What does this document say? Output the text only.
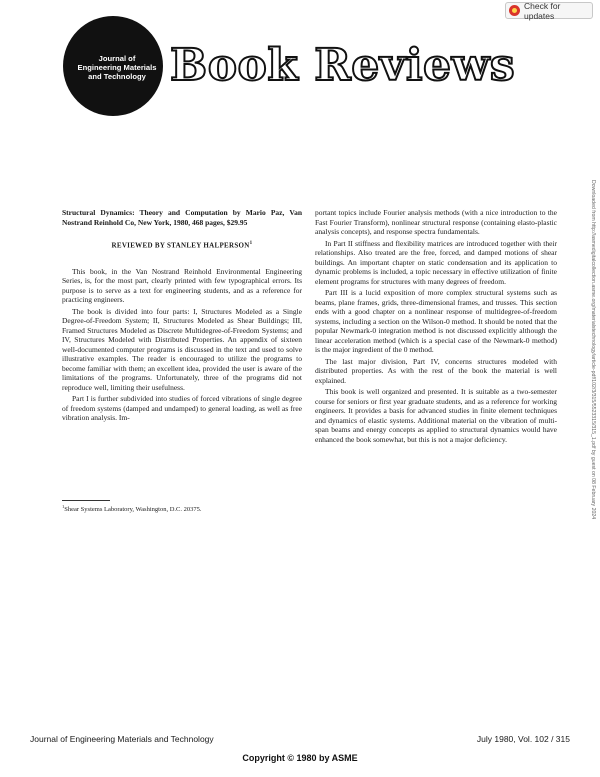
Check for updates
Journal of
Engineering Materials
and Technology Book Reviews
Downloaded from http://asmedigitalcollection.asme.org/materialstechnology/article-pdf/102/3/315/5523315/315_1.pdf by guest on 08 February 2024

Structural Dynamics: Theory and Computation by Mario Paz, Van Nostrand Reinhold Co, New York, 1980, 468 pages, $29.95

REVIEWED BY STANLEY HALPERSON$^1$

This book, in the Van Nostrand Reinhold Environmental Engineering Series, is, for the most part, clearly printed with few typographical errors. Its purpose is to serve as a text for engineering students, and as a reference for practicing engineers.

The book is divided into four parts: I, Structures Modeled as a Single Degree-of-Freedom System; II, Structures Modeled as Shear Buildings; III, Framed Structures Modeled as Discrete Multidegree-of-Freedom Systems; and IV, Structures Modeled with Distributed Properties. An appendix of sixteen well-documented computer programs is discussed in the text and used to solve illustrative examples. The reader is encouraged to utilize the programs to become familiar with them; an excellent idea, provided the user is aware of the limitations of the programs. Unfortunately, three of the programs did not reproduce well, limiting their usefulness.

Part I is further subdivided into studies of forced vibrations of single degree of freedom systems (damped and undamped) to general loading, as well as free vibration analysis. Im-

portant topics include Fourier analysis methods (with a nice introduction to the Fast Fourier Transform), nonlinear structural response (containing elasto-plastic analysis concepts), and response spectra fundamentals.

In Part II stiffness and flexibility matrices are introduced together with their relationships. Also treated are the free, forced, and damped motions of shear buildings. An important chapter on static condensation and its application to dynamic problems is included, a topic necessary in effective utilization of finite element programs for structures with many degrees of freedom.

Part III is a lucid exposition of more complex structural systems such as beams, plane frames, grids, three-dimensional frames, and trusses. This section ends with a good chapter on a nonlinear response of multidegree-of-freedom systems, including a section on the Wilson-0 method. It should be noted that the popular Newmark-0 integration method is not discussed explicitly although the linear acceleration method (which is a special case of the Newmark-0 method) is the major ingredient of the 0 method.

The last major division, Part IV, concerns structures modeled with distributed properties. As with the rest of the book the material is well explained.

This book is well organized and presented. It is suitable as a two-semester course for seniors or first year graduate students, and as a reference for working engineers. It provides a basis for advanced studies in finite element techniques and dynamics of elastic systems. Additional material on the vibration of multi-span beams and energy concepts as applied to structural dynamics would have enhanced the book somewhat, but this is not a major deficiency.

$^1$Shear Systems Laboratory, Washington, D.C. 20375.
Journal of Engineering Materials and Technology	July 1980, Vol. 102 / 315
Copyright © 1980 by ASME
